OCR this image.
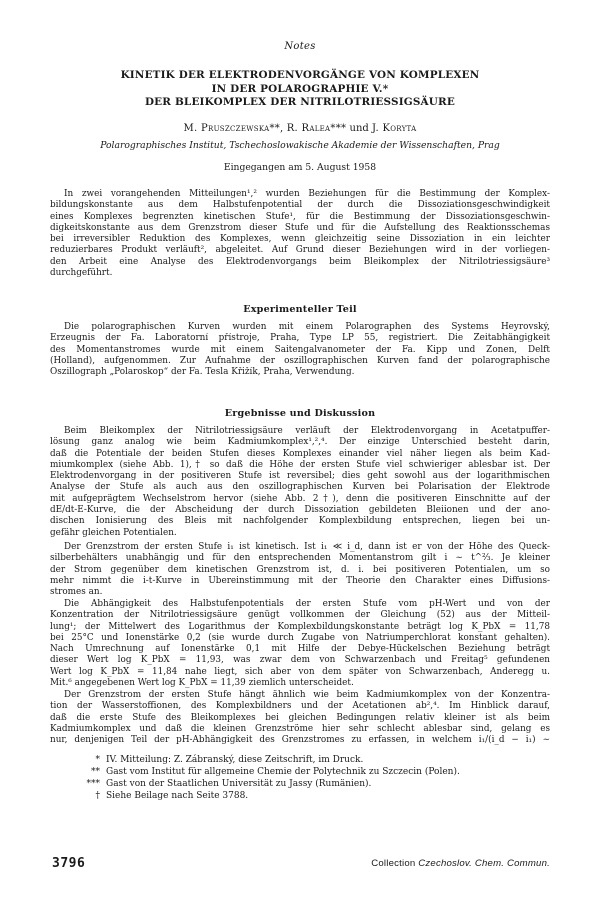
Notes
KINETIK DER ELEKTRODENVORGÄNGE VON KOMPLEXEN
IN DER POLAROGRAPHIE V.*
DER BLEIKOMPLEX DER NITRILOTRIESSIGSÄURE
M. Pruszczewska**, R. Ralea*** und J. Koryta
Polarographisches Institut, Tschechoslowakische Akademie der Wissenschaften, Prag
Eingegangen am 5. August 1958

In zwei vorangehenden Mitteilungen¹,² wurden Beziehungen für die Bestimmung der Komplex-
bildungskonstante aus dem Halbstufenpotential der durch die Dissoziationsgeschwindigkeit
eines Komplexes begrenzten kinetischen Stufe¹, für die Bestimmung der Dissoziationsgeschwin-
digkeitskonstante aus dem Grenzstrom dieser Stufe und für die Aufstellung des Reaktionsschemas
bei irreversibler Reduktion des Komplexes, wenn gleichzeitig seine Dissoziation in ein leichter
reduzierbares Produkt verläuft², abgeleitet. Auf Grund dieser Beziehungen wird in der vorliegen-
den Arbeit eine Analyse des Elektrodenvorgangs beim Bleikomplex der Nitrilotriessigsäure³
durchgeführt.

Experimenteller Teil

Die polarographischen Kurven wurden mit einem Polarographen des Systems Heyrovský,
Erzeugnis der Fa. Laboratorní přístroje, Praha, Type LP 55, registriert. Die Zeitabhängigkeit
des Momentanstromes wurde mit einem Saitengalvanometer der Fa. Kipp und Zonen, Delft
(Holland), aufgenommen. Zur Aufnahme der oszillographischen Kurven fand der polarographische
Oszillograph „Polaroskop“ der Fa. Tesla Křižík, Praha, Verwendung.

Ergebnisse und Diskussion

Beim Bleikomplex der Nitrilotriessigsäure verläuft der Elektrodenvorgang in Acetatpuffer-
lösung ganz analog wie beim Kadmiumkomplex¹,²,⁴. Der einzige Unterschied besteht darin,
daß die Potentiale der beiden Stufen dieses Komplexes einander viel näher liegen als beim Kad-
miumkomplex (siehe Abb. 1),† so daß die Höhe der ersten Stufe viel schwieriger ablesbar ist. Der
Elektrodenvorgang in der positiveren Stufe ist reversibel; dies geht sowohl aus der logarithmischen
Analyse der Stufe als auch aus den oszillographischen Kurven bei Polarisation der Elektrode
mit aufgeprägtem Wechselstrom hervor (siehe Abb. 2†), denn die positiveren Einschnitte auf der
dE/dt-E-Kurve, die der Abscheidung der durch Dissoziation gebildeten Bleiionen und der ano-
dischen Ionisierung des Bleis mit nachfolgender Komplexbildung entsprechen, liegen bei un-
gefähr gleichen Potentialen.

Der Grenzstrom der ersten Stufe i₁ ist kinetisch. Ist i₁ ≪ i_d, dann ist er von der Höhe des Queck-
silberbehälters unabhängig und für den entsprechenden Momentanstrom gilt i ∼ t^⅔. Je kleiner
der Strom gegenüber dem kinetischen Grenzstrom ist, d. i. bei positiveren Potentialen, um so
mehr nimmt die i-t-Kurve in Übereinstimmung mit der Theorie den Charakter eines Diffusions-
stromes an.

Die Abhängigkeit des Halbstufenpotentials der ersten Stufe vom pH-Wert und von der
Konzentration der Nitrilotriessigsäure genügt vollkommen der Gleichung (52) aus der Mitteil-
lung¹; der Mittelwert des Logarithmus der Komplexbildungskonstante beträgt log K_PbX = 11,78
bei 25°C und Ionenstärke 0,2 (sie wurde durch Zugabe von Natriumperchlorat konstant gehalten).
Nach Umrechnung auf Ionenstärke 0,1 mit Hilfe der Debye-Hückelschen Beziehung beträgt
dieser Wert log K_PbX = 11,93, was zwar dem von Schwarzenbach und Freitag⁵ gefundenen
Wert log K_PbX = 11,84 nahe liegt, sich aber von dem später von Schwarzenbach, Anderegg u.
Mit.⁶ angegebenen Wert log K_PbX = 11,39 ziemlich unterscheidet.

Der Grenzstrom der ersten Stufe hängt ähnlich wie beim Kadmiumkomplex von der Konzentra-
tion der Wasserstoffionen, des Komplexbildners und der Acetationen ab²,⁴. Im Hinblick darauf,
daß die erste Stufe des Bleikomplexes bei gleichen Bedingungen relativ kleiner ist als beim
Kadmiumkomplex und daß die kleinen Grenzströme hier sehr schlecht ablesbar sind, gelang es
nur, denjenigen Teil der pH-Abhängigkeit des Grenzstromes zu erfassen, in welchem i₁/(i_d − i₁) ∼

* IV. Mitteilung: Z. Zábranský, diese Zeitschrift, im Druck.
** Gast vom Institut für allgemeine Chemie der Polytechnik zu Szczecin (Polen).
*** Gast von der Staatlichen Universität zu Jassy (Rumänien).
† Siehe Beilage nach Seite 3788.
3796	Collection Czechoslov. Chem. Commun.
